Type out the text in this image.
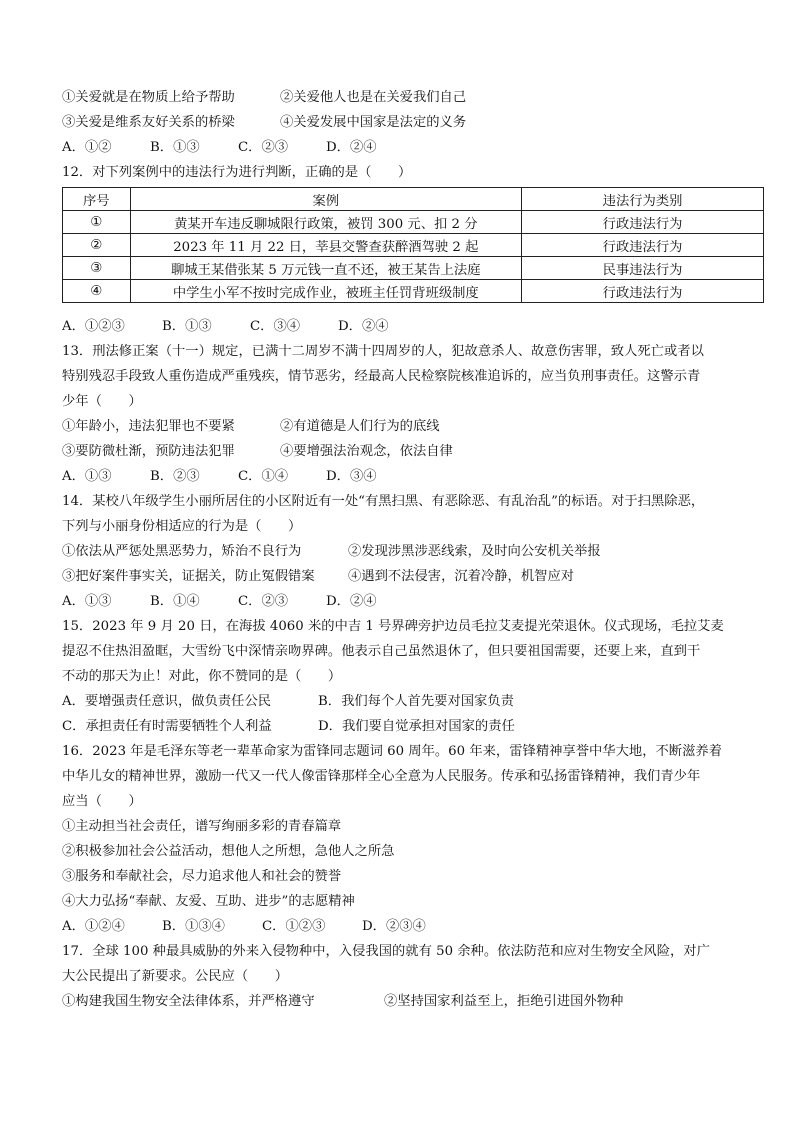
①关爱就是在物质上给予帮助	②关爱他人也是在关爱我们自己
③关爱是维系友好关系的桥梁	④关爱发展中国家是法定的义务
A．①②	B．①③	C．②③	D．②④
12．对下列案例中的违法行为进行判断，正确的是（　　）
序号	案例	违法行为类别
①	黄某开车违反聊城限行政策，被罚 300 元、扣 2 分	行政违法行为
②	2023 年 11 月 22 日，莘县交警查获醉酒驾驶 2 起	行政违法行为
③	聊城王某借张某 5 万元钱一直不还，被王某告上法庭	民事违法行为
④	中学生小军不按时完成作业，被班主任罚背班级制度	行政违法行为
A．①②③	B．①③	C．③④	D．②④
13．刑法修正案（十一）规定，已满十二周岁不满十四周岁的人，犯故意杀人、故意伤害罪，致人死亡或者以
特别残忍手段致人重伤造成严重残疾，情节恶劣，经最高人民检察院核准追诉的，应当负刑事责任。这警示青
少年（　　）
①年龄小，违法犯罪也不要紧	②有道德是人们行为的底线
③要防微杜渐，预防违法犯罪	④要增强法治观念，依法自律
A．①③	B．②③	C．①④	D．③④
14．某校八年级学生小丽所居住的小区附近有一处“有黑扫黑、有恶除恶、有乱治乱”的标语。对于扫黑除恶，
下列与小丽身份相适应的行为是（　　）
①依法从严惩处黑恶势力，矫治不良行为	②发现涉黑涉恶线索，及时向公安机关举报
③把好案件事实关，证据关，防止冤假错案	④遇到不法侵害，沉着冷静，机智应对
A．①③	B．①④	C．②③	D．②④
15．2023 年 9 月 20 日，在海拔 4060 米的中吉 1 号界碑旁护边员毛拉艾麦提光荣退休。仪式现场，毛拉艾麦
提忍不住热泪盈眶，大雪纷飞中深情亲吻界碑。他表示自己虽然退休了，但只要祖国需要，还要上来，直到干
不动的那天为止！对此，你不赞同的是（　　）
A．要增强责任意识，做负责任公民	B．我们每个人首先要对国家负责
C．承担责任有时需要牺牲个人利益	D．我们要自觉承担对国家的责任
16．2023 年是毛泽东等老一辈革命家为雷锋同志题词 60 周年。60 年来，雷锋精神享誉中华大地，不断滋养着
中华儿女的精神世界，激励一代又一代人像雷锋那样全心全意为人民服务。传承和弘扬雷锋精神，我们青少年
应当（　　）
①主动担当社会责任，谱写绚丽多彩的青春篇章
②积极参加社会公益活动，想他人之所想，急他人之所急
③服务和奉献社会，尽力追求他人和社会的赞誉
④大力弘扬“奉献、友爱、互助、进步”的志愿精神
A．①②④	B．①③④	C．①②③	D．②③④
17．全球 100 种最具威胁的外来入侵物种中，入侵我国的就有 50 余种。依法防范和应对生物安全风险，对广
大公民提出了新要求。公民应（　　）
①构建我国生物安全法律体系，并严格遵守	②坚持国家利益至上，拒绝引进国外物种
